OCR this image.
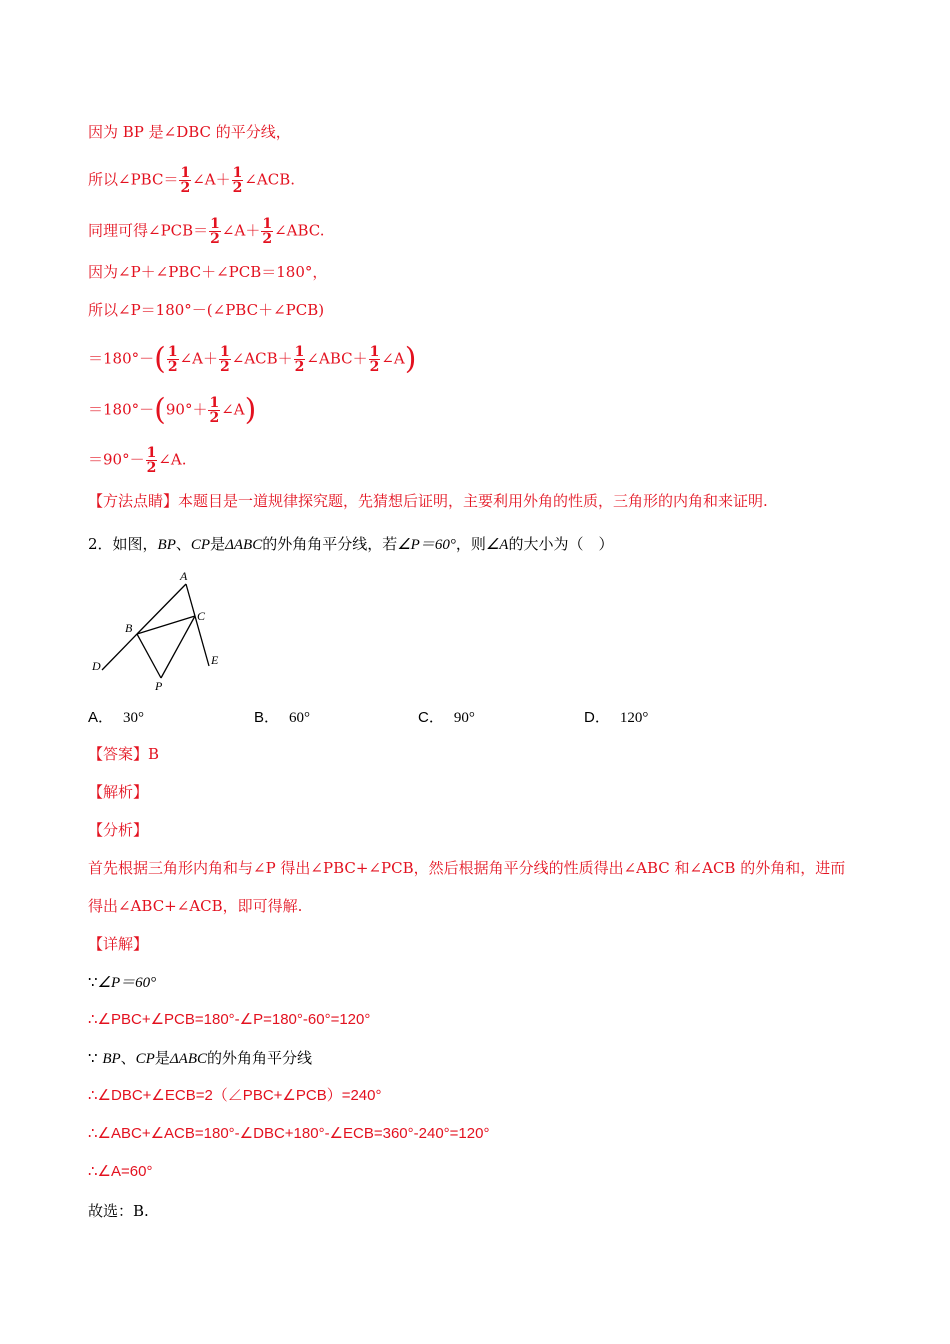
因为 BP 是∠DBC 的平分线，
所以∠PBC＝ $\frac{1}{2}$ ∠A＋ $\frac{1}{2}$ ∠ACB.
同理可得∠PCB＝ $\frac{1}{2}$ ∠A＋ $\frac{1}{2}$ ∠ABC.
因为∠P＋∠PBC＋∠PCB＝180°，
所以∠P＝180°－(∠PBC＋∠PCB)
$=180^\circ-( \frac{1}{2}$ ∠A＋ $\frac{1}{2}$ ∠ACB＋ $\frac{1}{2}$ ∠ABC＋ $\frac{1}{2}$ ∠A)
$=180^\circ-(90^\circ+ \frac{1}{2}$ ∠A)
$=90^\circ- \frac{1}{2}$ ∠A.
【方法点睛】本题目是一道规律探究题，先猜想后证明，主要利用外角的性质，三角形的内角和来证明.
2．如图，BP、CP是ΔABC的外角角平分线，若∠P＝60°，则∠A的大小为（　）
A
B
C
D	E
P
A． 30°	B． 60°	C． 90°	D． 120°
【答案】B
【解析】
【分析】
首先根据三角形内角和与∠P 得出∠PBC+∠PCB，然后根据角平分线的性质得出∠ABC 和∠ACB 的外角和，进而
得出∠ABC+∠ACB，即可得解.
【详解】
∵∠P＝60°
∴∠PBC+∠PCB=180°-∠P=180°-60°=120°
∵ BP、CP是ΔABC的外角角平分线
∴∠DBC+∠ECB=2（∠PBC+∠PCB）=240°
∴∠ABC+∠ACB=180°-∠DBC+180°-∠ECB=360°-240°=120°
∴∠A=60°
故选：B.
